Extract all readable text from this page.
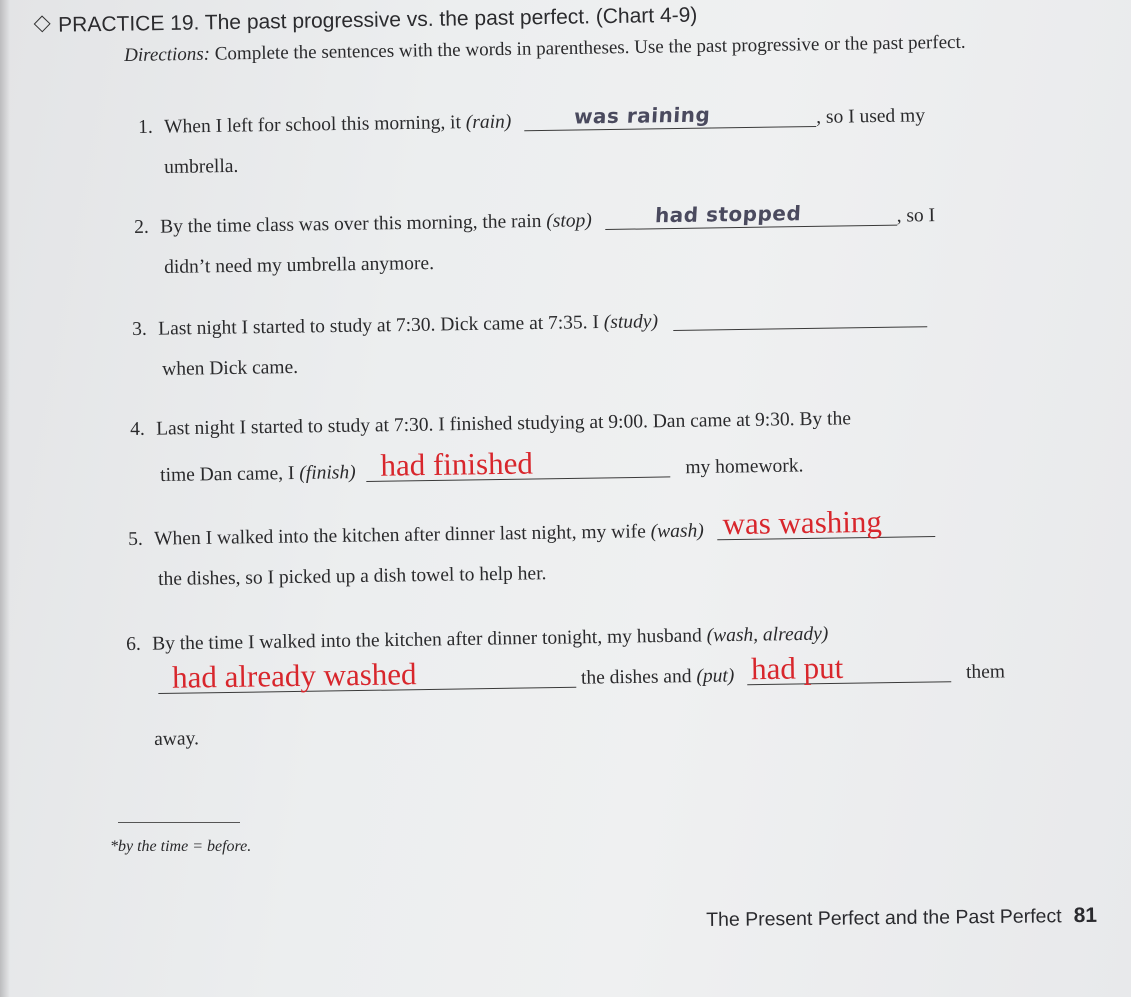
PRACTICE 19. The past progressive vs. the past perfect. (Chart 4-9)
Directions: Complete the sentences with the words in parentheses. Use the past progressive or the past perfect.
1. When I left for school this morning, it (rain)	was raining	, so I used my
umbrella.
2. By the time class was over this morning, the rain (stop)	had stopped	, so I
didn’t need my umbrella anymore.
3. Last night I started to study at 7:30. Dick came at 7:35. I (study)
when Dick came.
4. Last night I started to study at 7:30. I finished studying at 9:00. Dan came at 9:30. By the
time Dan came, I (finish) had finished	my homework.
5. When I walked into the kitchen after dinner last night, my wife (wash) was washing
the dishes, so I picked up a dish towel to help her.
6. By the time I walked into the kitchen after dinner tonight, my husband (wash, already)
had already washed	the dishes and (put) had put	them
away.
*by the time = before.
The Present Perfect and the Past Perfect 81
